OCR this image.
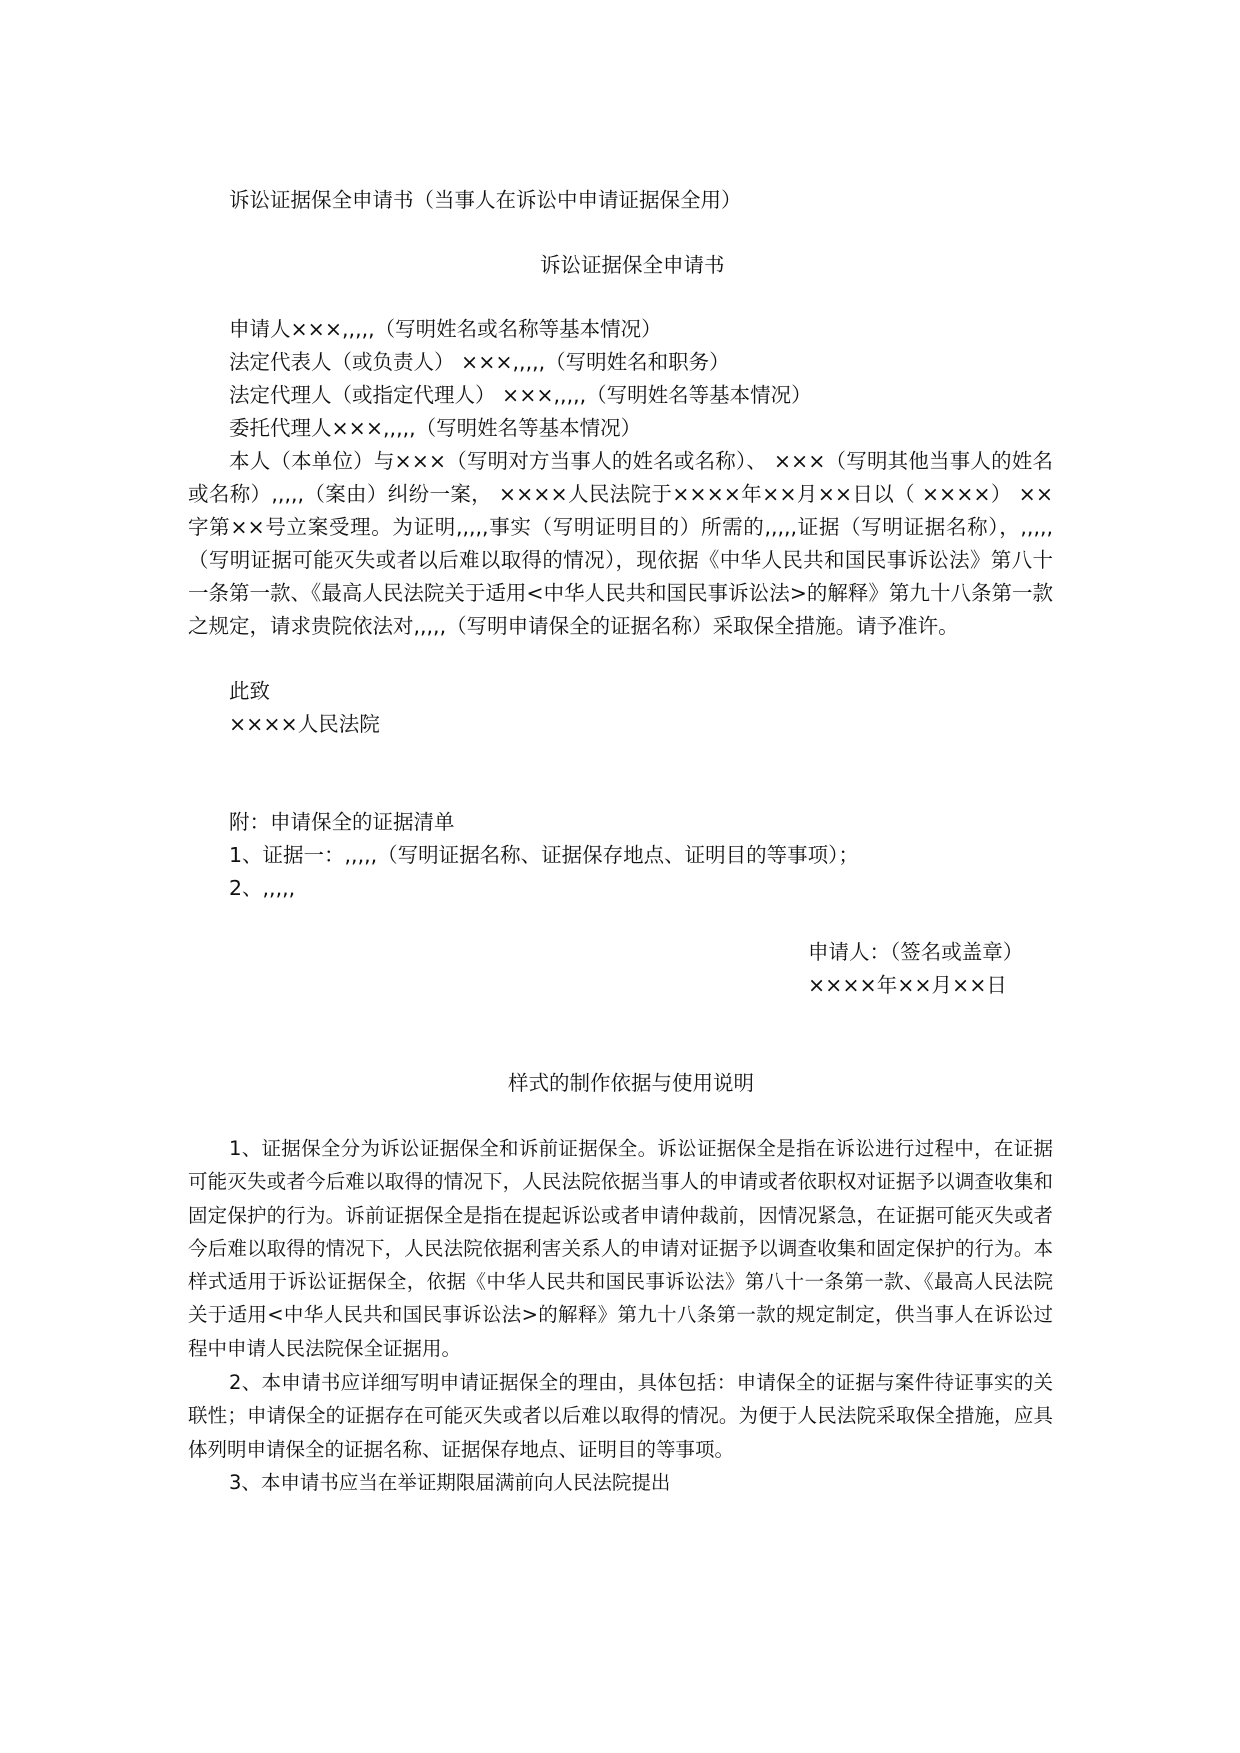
诉讼证据保全申请书（当事人在诉讼中申请证据保全用）
诉讼证据保全申请书
申请人×××,,,,,（写明姓名或名称等基本情况）
法定代表人（或负责人） ×××,,,,,（写明姓名和职务）
法定代理人（或指定代理人） ×××,,,,,（写明姓名等基本情况）
委托代理人×××,,,,,（写明姓名等基本情况）

本人（本单位）与×××（写明对方当事人的姓名或名称）、 ×××（写明其他当事人的姓名或名称）,,,,,（案由）纠纷一案， ××××人民法院于××××年××月××日以（ ××××） ××字第××号立案受理。为证明,,,,,事实（写明证明目的）所需的,,,,,证据（写明证据名称），,,,,,（写明证据可能灭失或者以后难以取得的情况），现依据《中华人民共和国民事诉讼法》第八十一条第一款、《最高人民法院关于适用<中华人民共和国民事诉讼法>的解释》第九十八条第一款之规定，请求贵院依法对,,,,,（写明申请保全的证据名称）采取保全措施。请予准许。

此致
××××人民法院
附：申请保全的证据清单
1、证据一：,,,,,（写明证据名称、证据保存地点、证明目的等事项）；
2、,,,,,
申请人：（签名或盖章）
××××年××月××日
样式的制作依据与使用说明

1、证据保全分为诉讼证据保全和诉前证据保全。诉讼证据保全是指在诉讼进行过程中，在证据可能灭失或者今后难以取得的情况下，人民法院依据当事人的申请或者依职权对证据予以调查收集和固定保护的行为。诉前证据保全是指在提起诉讼或者申请仲裁前，因情况紧急，在证据可能灭失或者今后难以取得的情况下，人民法院依据利害关系人的申请对证据予以调查收集和固定保护的行为。本样式适用于诉讼证据保全，依据《中华人民共和国民事诉讼法》第八十一条第一款、《最高人民法院关于适用<中华人民共和国民事诉讼法>的解释》第九十八条第一款的规定制定，供当事人在诉讼过程中申请人民法院保全证据用。

2、本申请书应详细写明申请证据保全的理由，具体包括：申请保全的证据与案件待证事实的关联性；申请保全的证据存在可能灭失或者以后难以取得的情况。为便于人民法院采取保全措施，应具体列明申请保全的证据名称、证据保存地点、证明目的等事项。

3、本申请书应当在举证期限届满前向人民法院提出
